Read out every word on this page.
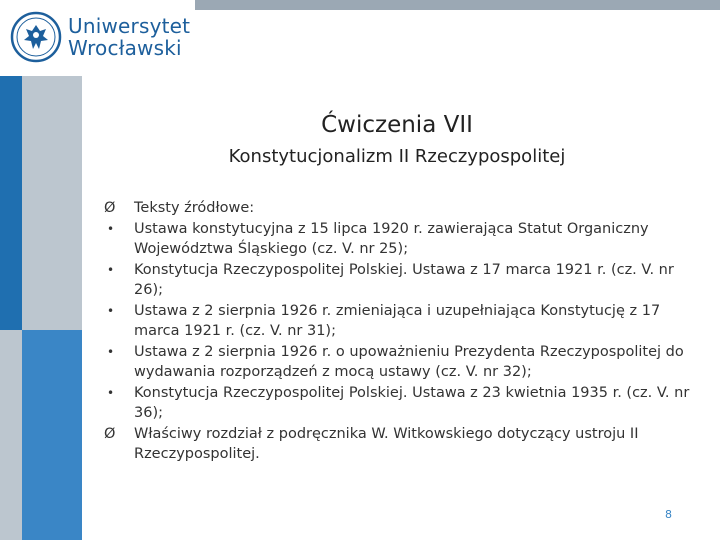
Uniwersytet
Wrocławski
Ćwiczenia VII
Konstytucjonalizm II Rzeczypospolitej
Ø	Teksty źródłowe:
•	Ustawa konstytucyjna z 15 lipca 1920 r. zawierająca Statut Organiczny Województwa Śląskiego (cz. V. nr 25);
•	Konstytucja Rzeczypospolitej Polskiej. Ustawa z 17 marca 1921 r. (cz. V. nr 26);
•	Ustawa z 2 sierpnia 1926 r. zmieniająca i uzupełniająca Konstytucję z 17 marca 1921 r. (cz. V. nr 31);
•	Ustawa z 2 sierpnia 1926 r. o upoważnieniu Prezydenta Rzeczypospolitej do wydawania rozporządzeń z mocą ustawy (cz. V. nr 32);
•	Konstytucja Rzeczypospolitej Polskiej. Ustawa z 23 kwietnia 1935 r. (cz. V. nr 36);
Ø	Właściwy rozdział z podręcznika W. Witkowskiego dotyczący ustroju II Rzeczypospolitej.
8
